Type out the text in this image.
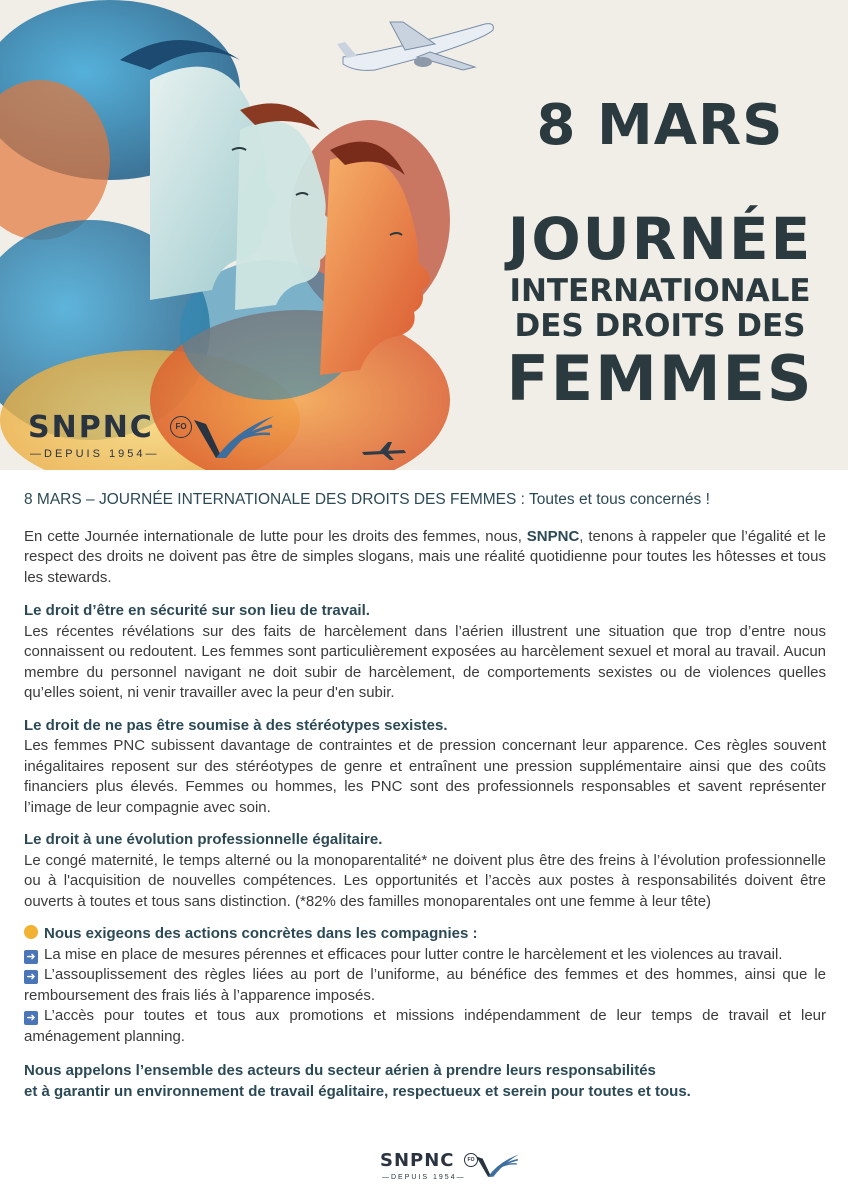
8 MARS
JOURNÉE
INTERNATIONALE
DES DROITS DES
FEMMES
SNPNC	FO
—DEPUIS 1954—

8 MARS – JOURNÉE INTERNATIONALE DES DROITS DES FEMMES : Toutes et tous concernés !

En cette Journée internationale de lutte pour les droits des femmes, nous, SNPNC, tenons à rappeler que l’égalité et le respect des droits ne doivent pas être de simples slogans, mais une réalité quotidienne pour toutes les hôtesses et tous les stewards.

Le droit d’être en sécurité sur son lieu de travail.

Les récentes révélations sur des faits de harcèlement dans l’aérien illustrent une situation que trop d’entre nous connaissent ou redoutent. Les femmes sont particulièrement exposées au harcèlement sexuel et moral au travail. Aucun membre du personnel navigant ne doit subir de harcèlement, de comportements sexistes ou de violences quelles qu’elles soient, ni venir travailler avec la peur d'en subir.

Le droit de ne pas être soumise à des stéréotypes sexistes.

Les femmes PNC subissent davantage de contraintes et de pression concernant leur apparence. Ces règles souvent inégalitaires reposent sur des stéréotypes de genre et entraînent une pression supplémentaire ainsi que des coûts financiers plus élevés. Femmes ou hommes, les PNC sont des professionnels responsables et savent représenter l’image de leur compagnie avec soin.

Le droit à une évolution professionnelle égalitaire.

Le congé maternité, le temps alterné ou la monoparentalité* ne doivent plus être des freins à l’évolution professionnelle ou à l'acquisition de nouvelles compétences. Les opportunités et l’accès aux postes à responsabilités doivent être ouverts à toutes et tous sans distinction. (*82% des familles monoparentales ont une femme à leur tête)

Nous exigeons des actions concrètes dans les compagnies :

➜ La mise en place de mesures pérennes et efficaces pour lutter contre le harcèlement et les violences au travail.

➜ L’assouplissement des règles liées au port de l’uniforme, au bénéfice des femmes et des hommes, ainsi que le remboursement des frais liés à l’apparence imposés.

➜ L’accès pour toutes et tous aux promotions et missions indépendamment de leur temps de travail et leur aménagement planning.

Nous appelons l’ensemble des acteurs du secteur aérien à prendre leurs responsabilités
et à garantir un environnement de travail égalitaire, respectueux et serein pour toutes et tous.

SNPNC	FO
—DEPUIS 1954—
